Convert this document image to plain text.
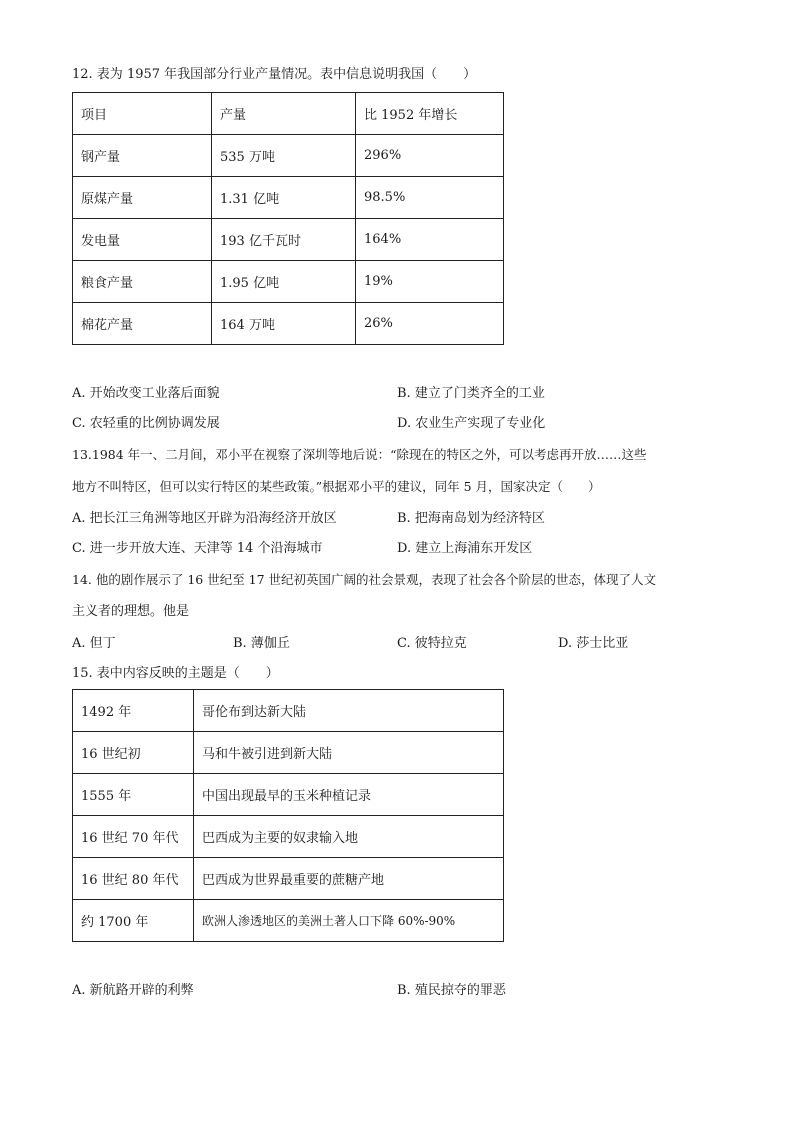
12. 表为 1957 年我国部分行业产量情况。表中信息说明我国（　　）
项目	产量	比 1952 年增长
钢产量	535 万吨	296%
原煤产量	1.31 亿吨	98.5%
发电量	193 亿千瓦时	164%
粮食产量	1.95 亿吨	19%
棉花产量	164 万吨	26%
A. 开始改变工业落后面貌	B. 建立了门类齐全的工业
C. 农轻重的比例协调发展	D. 农业生产实现了专业化
13.1984 年一、二月间，邓小平在视察了深圳等地后说：“除现在的特区之外，可以考虑再开放……这些
地方不叫特区，但可以实行特区的某些政策。”根据邓小平的建议，同年 5 月，国家决定（　　）
A. 把长江三角洲等地区开辟为沿海经济开放区	B. 把海南岛划为经济特区
C. 进一步开放大连、天津等 14 个沿海城市	D. 建立上海浦东开发区
14. 他的剧作展示了 16 世纪至 17 世纪初英国广阔的社会景观，表现了社会各个阶层的世态，体现了人文
主义者的理想。他是
A. 但丁	B. 薄伽丘	C. 彼特拉克	D. 莎士比亚
15. 表中内容反映的主题是（　　）
1492 年	哥伦布到达新大陆
16 世纪初	马和牛被引进到新大陆
1555 年	中国出现最早的玉米种植记录
16 世纪 70 年代	巴西成为主要的奴隶输入地
16 世纪 80 年代	巴西成为世界最重要的蔗糖产地
约 1700 年	欧洲人渗透地区的美洲土著人口下降 60%-90%
A. 新航路开辟的利弊	B. 殖民掠夺的罪恶
